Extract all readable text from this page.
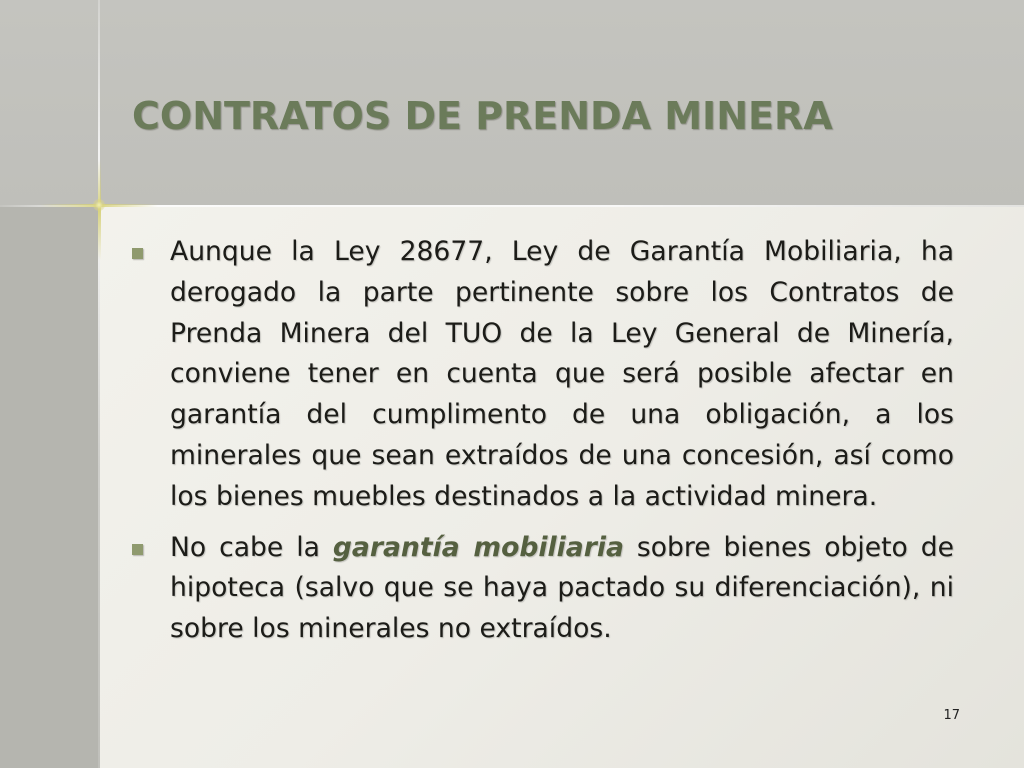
CONTRATOS DE PRENDA MINERA
Aunque la Ley 28677, Ley de Garantía Mobiliaria, ha derogado la parte pertinente sobre los Contratos de Prenda Minera del TUO de la Ley General de Minería, conviene tener en cuenta que será posible afectar en garantía del cumplimento de una obligación, a los minerales que sean extraídos de una concesión, así como los bienes muebles destinados a la actividad minera.
No cabe la garantía mobiliaria sobre bienes objeto de hipoteca (salvo que se haya pactado su diferenciación), ni sobre los minerales no extraídos.
17
